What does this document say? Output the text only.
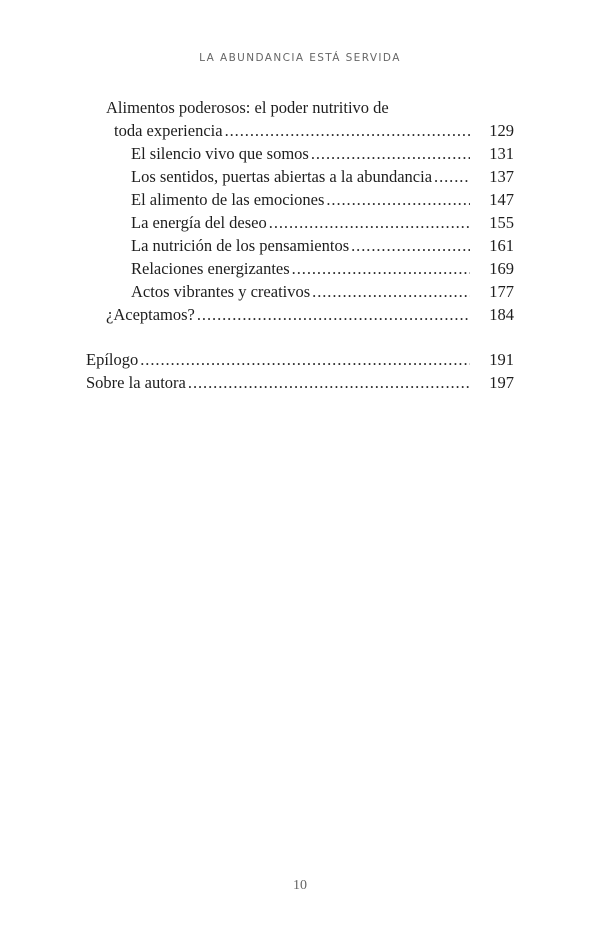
LA ABUNDANCIA ESTÁ SERVIDA
Alimentos poderosos: el poder nutritivo de
toda experiencia . . .	129
El silencio vivo que somos . . .	131
Los sentidos, puertas abiertas a la abundancia . . .	137
El alimento de las emociones . . .	147
La energía del deseo . . .	155
La nutrición de los pensamientos . . .	161
Relaciones energizantes . . .	169
Actos vibrantes y creativos . . .	177
¿Aceptamos? . . .	184
Epílogo . . .	191
Sobre la autora . . .	197
10
